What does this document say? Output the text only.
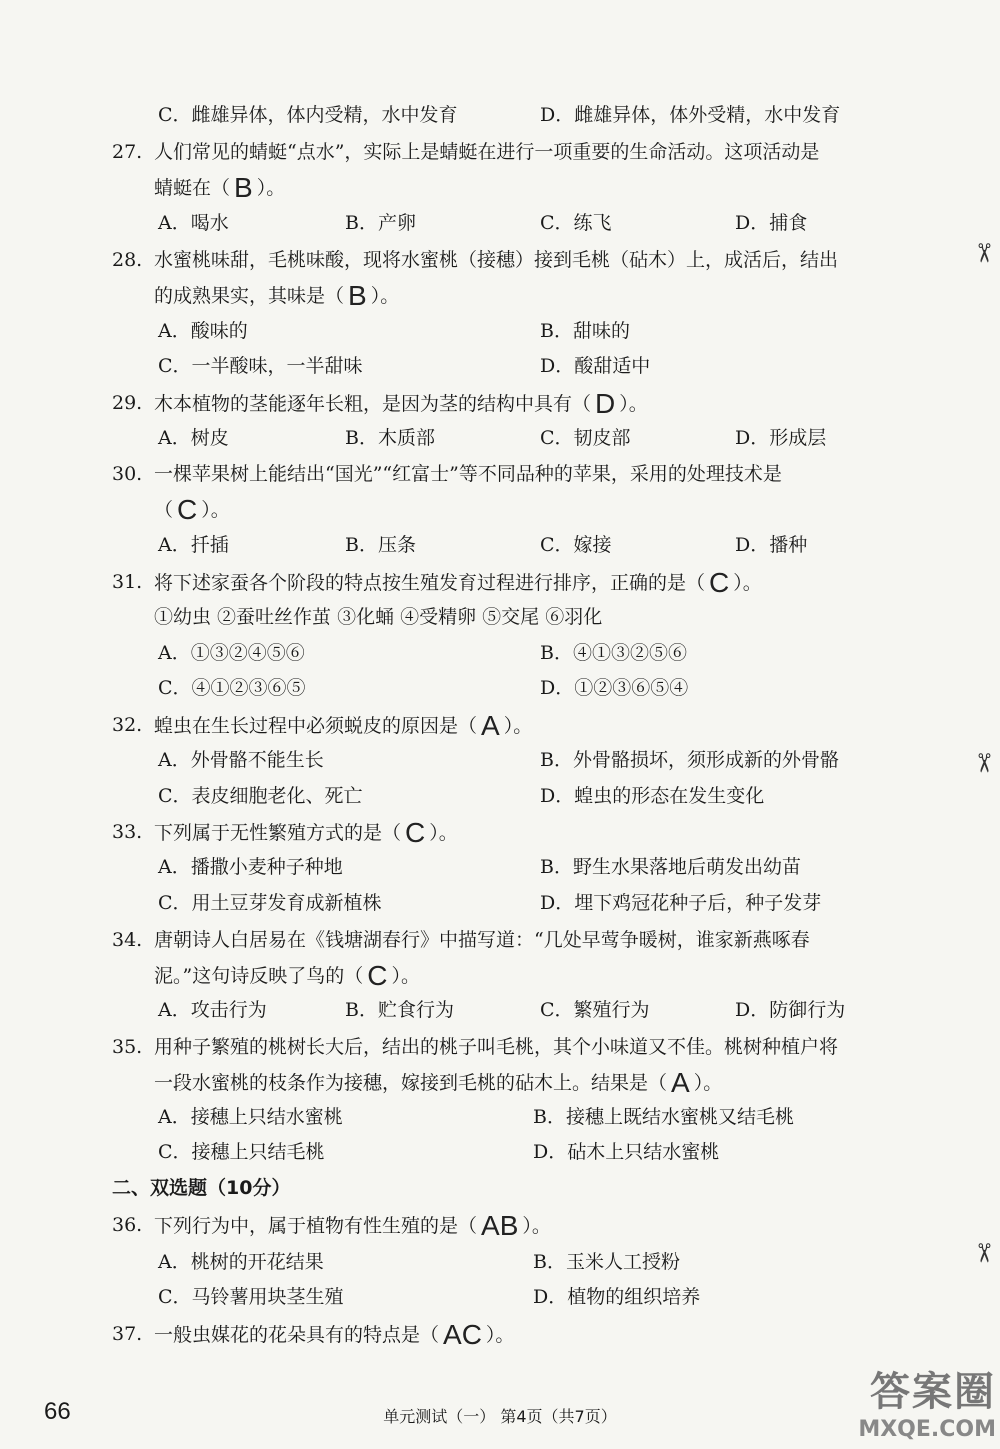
C．雌雄异体，体内受精，水中发育	D．雌雄异体，体外受精，水中发育
27. 人们常见的蜻蜓“点水”，实际上是蜻蜓在进行一项重要的生命活动。这项活动是
蜻蜓在（ B ）。
A．喝水	B．产卵	C．练飞	D．捕食
28. 水蜜桃味甜，毛桃味酸，现将水蜜桃（接穗）接到毛桃（砧木）上，成活后，结出
的成熟果实，其味是（ B ）。
A．酸味的	B．甜味的
C．一半酸味，一半甜味	D．酸甜适中
29. 木本植物的茎能逐年长粗，是因为茎的结构中具有（ D ）。
A．树皮	B．木质部	C．韧皮部	D．形成层
30. 一棵苹果树上能结出“国光”“红富士”等不同品种的苹果，采用的处理技术是
（ C ）。
A．扦插	B．压条	C．嫁接	D．播种
31. 将下述家蚕各个阶段的特点按生殖发育过程进行排序，正确的是（ C ）。
①幼虫 ②蚕吐丝作茧 ③化蛹 ④受精卵 ⑤交尾 ⑥羽化
A．①③②④⑤⑥	B．④①③②⑤⑥
C．④①②③⑥⑤	D．①②③⑥⑤④
32. 蝗虫在生长过程中必须蜕皮的原因是（ A ）。
A．外骨骼不能生长	B．外骨骼损坏，须形成新的外骨骼
C．表皮细胞老化、死亡	D．蝗虫的形态在发生变化
33. 下列属于无性繁殖方式的是（ C ）。
A．播撒小麦种子种地	B．野生水果落地后萌发出幼苗
C．用土豆芽发育成新植株	D．埋下鸡冠花种子后，种子发芽
34. 唐朝诗人白居易在《钱塘湖春行》中描写道：“几处早莺争暖树，谁家新燕啄春
泥。”这句诗反映了鸟的（ C ）。
A．攻击行为	B．贮食行为	C．繁殖行为	D．防御行为
35. 用种子繁殖的桃树长大后，结出的桃子叫毛桃，其个小味道又不佳。桃树种植户将
一段水蜜桃的枝条作为接穗，嫁接到毛桃的砧木上。结果是（ A ）。
A．接穗上只结水蜜桃	B．接穗上既结水蜜桃又结毛桃
C．接穗上只结毛桃	D．砧木上只结水蜜桃
二、双选题（10分）
36. 下列行为中，属于植物有性生殖的是（ AB ）。
A．桃树的开花结果	B．玉米人工授粉
C．马铃薯用块茎生殖	D．植物的组织培养
37. 一般虫媒花的花朵具有的特点是（ AC ）。
✂
✂
✂
66	单元测试（一） 第4页（共7页）
答案圈
MXQE.COM
